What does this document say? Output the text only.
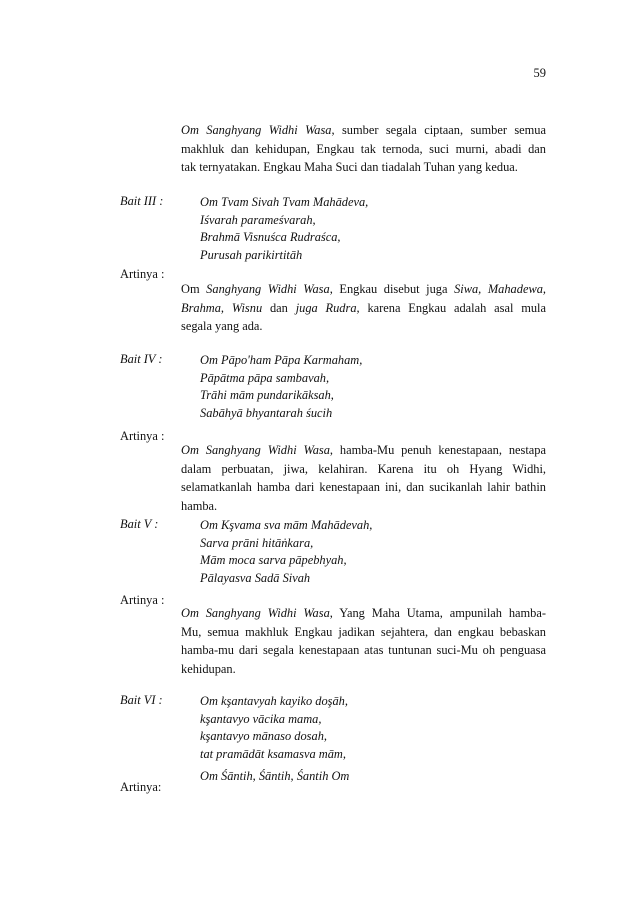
59
Om Sanghyang Widhi Wasa, sumber segala ciptaan, sumber semua
makhluk dan kehidupan, Engkau tak ternoda, suci murni, abadi dan
tak ternyatakan. Engkau Maha Suci dan tiadalah Tuhan yang kedua.
Bait III :	Om Tvam Sivah Tvam Mahādeva,
Iśvarah parameśvarah,
Brahmā Visnuśca Rudraśca,
Purusah parikirtitāh
Artinya :
Om Sanghyang Widhi Wasa, Engkau disebut juga Siwa, Mahadewa,
Brahma, Wisnu dan juga Rudra, karena Engkau adalah asal mula
segala yang ada.
Bait IV :	Om Pāpo'ham Pāpa Karmaham,
Pāpātma pāpa sambavah,
Trāhi mām pundarikāksah,
Sabāhyā bhyantarah śucih
Artinya :
Om Sanghyang Widhi Wasa, hamba-Mu penuh kenestapaan, nestapa
dalam perbuatan, jiwa, kelahiran. Karena itu oh Hyang Widhi,
selamatkanlah hamba dari kenestapaan ini, dan sucikanlah lahir bathin
hamba.
Bait V :	Om Kşvama sva mām Mahādevah,
Sarva prāni hitāṅkara,
Mām moca sarva pāpebhyah,
Pālayasva Sadā Sivah
Artinya :
Om Sanghyang Widhi Wasa, Yang Maha Utama, ampunilah hamba-
Mu, semua makhluk Engkau jadikan sejahtera, dan engkau bebaskan
hamba-mu dari segala kenestapaan atas tuntunan suci-Mu oh penguasa
kehidupan.
Bait VI :	Om kşantavyah kayiko doşāh,
kşantavyo vācika mama,
kşantavyo mānaso dosah,
tat pramādāt ksamasva mām,
Om Śāntih, Śāntih, Śantih Om
Artinya:
